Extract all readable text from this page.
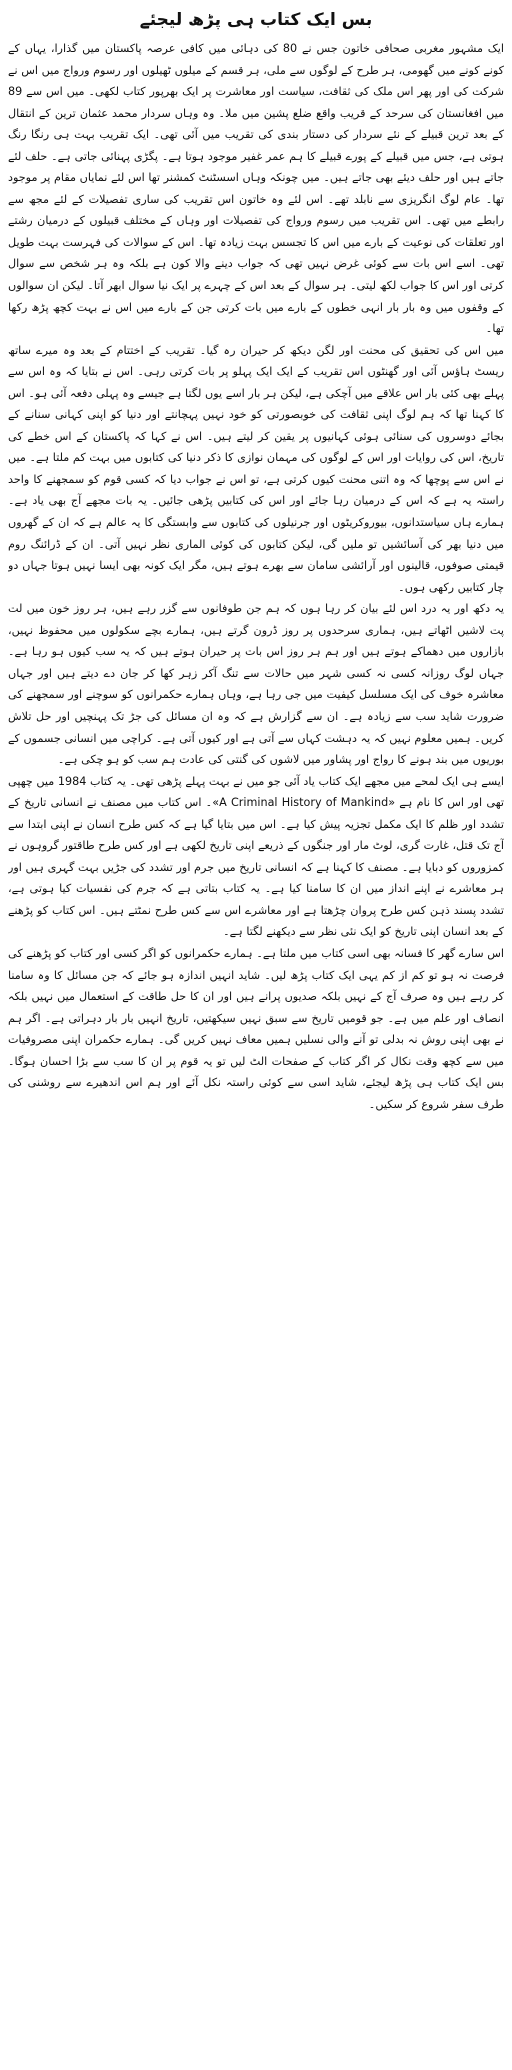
بس ایک کتاب ہی پڑھ لیجئے

ایک مشہور مغربی صحافی خاتون جس نے 80 کی دہائی میں کافی عرصہ پاکستان میں گذارا، یہاں کے کونے کونے میں گھومی، ہر طرح کے لوگوں سے ملی، ہر قسم کے میلوں ٹھیلوں اور رسوم ورواج میں اس نے شرکت کی اور پھر اس ملک کی ثقافت، سیاست اور معاشرت پر ایک بھرپور کتاب لکھی۔ میں اس سے 89 میں افغانستان کی سرحد کے قریب واقع ضلع پشین میں ملا۔ وہ وہاں سردار محمد عثمان ترین کے انتقال کے بعد ترین قبیلے کے نئے سردار کی دستار بندی کی تقریب میں آئی تھی۔ ایک تقریب بہت ہی رنگا رنگ ہوتی ہے، جس میں قبیلے کے پورے قبیلے کا ہم عمر غفیر موجود ہوتا ہے۔ پگڑی پہنائی جاتی ہے۔ حلف لئے جاتے ہیں اور حلف دیئے بھی جاتے ہیں۔ میں چونکہ وہاں اسسٹنٹ کمشنر تھا اس لئے نمایاں مقام پر موجود تھا۔ عام لوگ انگریزی سے نابلد تھے۔ اس لئے وہ خاتون اس تقریب کی ساری تفصیلات کے لئے مجھ سے رابطے میں تھی۔ اس تقریب میں رسوم ورواج کی تفصیلات اور وہاں کے مختلف قبیلوں کے درمیان رشتے اور تعلقات کی نوعیت کے بارے میں اس کا تجسس بہت زیادہ تھا۔ اس کے سوالات کی فہرست بہت طویل تھی۔ اسے اس بات سے کوئی غرض نہیں تھی کہ جواب دینے والا کون ہے بلکہ وہ ہر شخص سے سوال کرتی اور اس کا جواب لکھ لیتی۔ ہر سوال کے بعد اس کے چہرے پر ایک نیا سوال ابھر آتا۔ لیکن ان سوالوں کے وقفوں میں وہ بار بار انہی خطوں کے بارے میں بات کرتی جن کے بارے میں اس نے بہت کچھ پڑھ رکھا تھا۔

میں اس کی تحقیق کی محنت اور لگن دیکھ کر حیران رہ گیا۔ تقریب کے اختتام کے بعد وہ میرے ساتھ ریسٹ ہاؤس آئی اور گھنٹوں اس تقریب کے ایک ایک پہلو پر بات کرتی رہی۔ اس نے بتایا کہ وہ اس سے پہلے بھی کئی بار اس علاقے میں آچکی ہے، لیکن ہر بار اسے یوں لگتا ہے جیسے وہ پہلی دفعہ آئی ہو۔ اس کا کہنا تھا کہ ہم لوگ اپنی ثقافت کی خوبصورتی کو خود نہیں پہچانتے اور دنیا کو اپنی کہانی سنانے کے بجائے دوسروں کی سنائی ہوئی کہانیوں پر یقین کر لیتے ہیں۔ اس نے کہا کہ پاکستان کے اس خطے کی تاریخ، اس کی روایات اور اس کے لوگوں کی مہمان نوازی کا ذکر دنیا کی کتابوں میں بہت کم ملتا ہے۔ میں نے اس سے پوچھا کہ وہ اتنی محنت کیوں کرتی ہے، تو اس نے جواب دیا کہ کسی قوم کو سمجھنے کا واحد راستہ یہ ہے کہ اس کے درمیان رہا جائے اور اس کی کتابیں پڑھی جائیں۔ یہ بات مجھے آج بھی یاد ہے۔ ہمارے ہاں سیاستدانوں، بیوروکریٹوں اور جرنیلوں کی کتابوں سے وابستگی کا یہ عالم ہے کہ ان کے گھروں میں دنیا بھر کی آسائشیں تو ملیں گی، لیکن کتابوں کی کوئی الماری نظر نہیں آتی۔ ان کے ڈرائنگ روم قیمتی صوفوں، قالینوں اور آرائشی سامان سے بھرے ہوتے ہیں، مگر ایک کونہ بھی ایسا نہیں ہوتا جہاں دو چار کتابیں رکھی ہوں۔

یہ دکھ اور یہ درد اس لئے بیان کر رہا ہوں کہ ہم جن طوفانوں سے گزر رہے ہیں، ہر روز خون میں لت پت لاشیں اٹھاتے ہیں، ہماری سرحدوں پر روز ڈرون گرتے ہیں، ہمارے بچے سکولوں میں محفوظ نہیں، بازاروں میں دھماکے ہوتے ہیں اور ہم ہر روز اس بات پر حیران ہوتے ہیں کہ یہ سب کیوں ہو رہا ہے۔ جہاں لوگ روزانہ کسی نہ کسی شہر میں حالات سے تنگ آکر زہر کھا کر جان دے دیتے ہیں اور جہاں معاشرہ خوف کی ایک مسلسل کیفیت میں جی رہا ہے، وہاں ہمارے حکمرانوں کو سوچنے اور سمجھنے کی ضرورت شاید سب سے زیادہ ہے۔ ان سے گزارش ہے کہ وہ ان مسائل کی جڑ تک پہنچیں اور حل تلاش کریں۔ ہمیں معلوم نہیں کہ یہ دہشت کہاں سے آتی ہے اور کیوں آتی ہے۔ کراچی میں انسانی جسموں کے بوریوں میں بند ہونے کا رواج اور پشاور میں لاشوں کی گنتی کی عادت ہم سب کو ہو چکی ہے۔

ایسے ہی ایک لمحے میں مجھے ایک کتاب یاد آئی جو میں نے بہت پہلے پڑھی تھی۔ یہ کتاب 1984 میں چھپی تھی اور اس کا نام ہے «A Criminal History of Mankind»۔ اس کتاب میں مصنف نے انسانی تاریخ کے تشدد اور ظلم کا ایک مکمل تجزیہ پیش کیا ہے۔ اس میں بتایا گیا ہے کہ کس طرح انسان نے اپنی ابتدا سے آج تک قتل، غارت گری، لوٹ مار اور جنگوں کے ذریعے اپنی تاریخ لکھی ہے اور کس طرح طاقتور گروہوں نے کمزوروں کو دبایا ہے۔ مصنف کا کہنا ہے کہ انسانی تاریخ میں جرم اور تشدد کی جڑیں بہت گہری ہیں اور ہر معاشرے نے اپنے انداز میں ان کا سامنا کیا ہے۔ یہ کتاب بتاتی ہے کہ جرم کی نفسیات کیا ہوتی ہے، تشدد پسند ذہن کس طرح پروان چڑھتا ہے اور معاشرے اس سے کس طرح نمٹتے ہیں۔ اس کتاب کو پڑھنے کے بعد انسان اپنی تاریخ کو ایک نئی نظر سے دیکھنے لگتا ہے۔

اس سارے گھر کا فسانہ بھی اسی کتاب میں ملتا ہے۔ ہمارے حکمرانوں کو اگر کسی اور کتاب کو پڑھنے کی فرصت نہ ہو تو کم از کم یہی ایک کتاب پڑھ لیں۔ شاید انہیں اندازہ ہو جائے کہ جن مسائل کا وہ سامنا کر رہے ہیں وہ صرف آج کے نہیں بلکہ صدیوں پرانے ہیں اور ان کا حل طاقت کے استعمال میں نہیں بلکہ انصاف اور علم میں ہے۔ جو قومیں تاریخ سے سبق نہیں سیکھتیں، تاریخ انہیں بار بار دہراتی ہے۔ اگر ہم نے بھی اپنی روش نہ بدلی تو آنے والی نسلیں ہمیں معاف نہیں کریں گی۔ ہمارے حکمران اپنی مصروفیات میں سے کچھ وقت نکال کر اگر کتاب کے صفحات الٹ لیں تو یہ قوم پر ان کا سب سے بڑا احسان ہوگا۔ بس ایک کتاب ہی پڑھ لیجئے، شاید اسی سے کوئی راستہ نکل آئے اور ہم اس اندھیرے سے روشنی کی طرف سفر شروع کر سکیں۔
